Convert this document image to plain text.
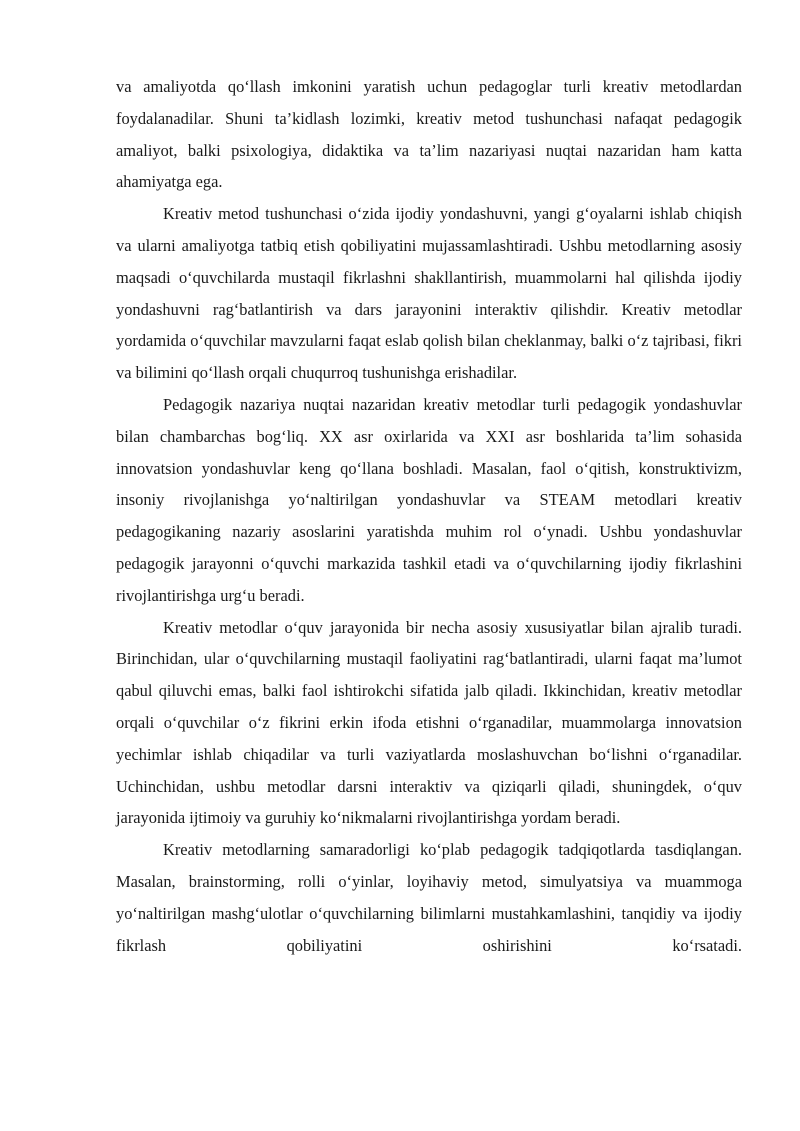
va amaliyotda qo‘llash imkonini yaratish uchun pedagoglar turli kreativ metodlardan foydalanadilar. Shuni ta’kidlash lozimki, kreativ metod tushunchasi nafaqat pedagogik amaliyot, balki psixologiya, didaktika va ta’lim nazariyasi nuqtai nazaridan ham katta ahamiyatga ega.

Kreativ metod tushunchasi o‘zida ijodiy yondashuvni, yangi g‘oyalarni ishlab chiqish va ularni amaliyotga tatbiq etish qobiliyatini mujassamlashtiradi. Ushbu metodlarning asosiy maqsadi o‘quvchilarda mustaqil fikrlashni shakllantirish, muammolarni hal qilishda ijodiy yondashuvni rag‘batlantirish va dars jarayonini interaktiv qilishdir. Kreativ metodlar yordamida o‘quvchilar mavzularni faqat eslab qolish bilan cheklanmay, balki o‘z tajribasi, fikri va bilimini qo‘llash orqali chuqurroq tushunishga erishadilar.

Pedagogik nazariya nuqtai nazaridan kreativ metodlar turli pedagogik yondashuvlar bilan chambarchas bog‘liq. XX asr oxirlarida va XXI asr boshlarida ta’lim sohasida innovatsion yondashuvlar keng qo‘llana boshladi. Masalan, faol o‘qitish, konstruktivizm, insoniy rivojlanishga yo‘naltirilgan yondashuvlar va STEAM metodlari kreativ pedagogikaning nazariy asoslarini yaratishda muhim rol o‘ynadi. Ushbu yondashuvlar pedagogik jarayonni o‘quvchi markazida tashkil etadi va o‘quvchilarning ijodiy fikrlashini rivojlantirishga urg‘u beradi.

Kreativ metodlar o‘quv jarayonida bir necha asosiy xususiyatlar bilan ajralib turadi. Birinchidan, ular o‘quvchilarning mustaqil faoliyatini rag‘batlantiradi, ularni faqat ma’lumot qabul qiluvchi emas, balki faol ishtirokchi sifatida jalb qiladi. Ikkinchidan, kreativ metodlar orqali o‘quvchilar o‘z fikrini erkin ifoda etishni o‘rganadilar, muammolarga innovatsion yechimlar ishlab chiqadilar va turli vaziyatlarda moslashuvchan bo‘lishni o‘rganadilar. Uchinchidan, ushbu metodlar darsni interaktiv va qiziqarli qiladi, shuningdek, o‘quv jarayonida ijtimoiy va guruhiy ko‘nikmalarni rivojlantirishga yordam beradi.

Kreativ metodlarning samaradorligi ko‘plab pedagogik tadqiqotlarda tasdiqlangan. Masalan, brainstorming, rolli o‘yinlar, loyihaviy metod, simulyatsiya va muammoga yo‘naltirilgan mashg‘ulotlar o‘quvchilarning bilimlarni mustahkamlashini, tanqidiy va ijodiy fikrlash qobiliyatini oshirishini ko‘rsatadi.
